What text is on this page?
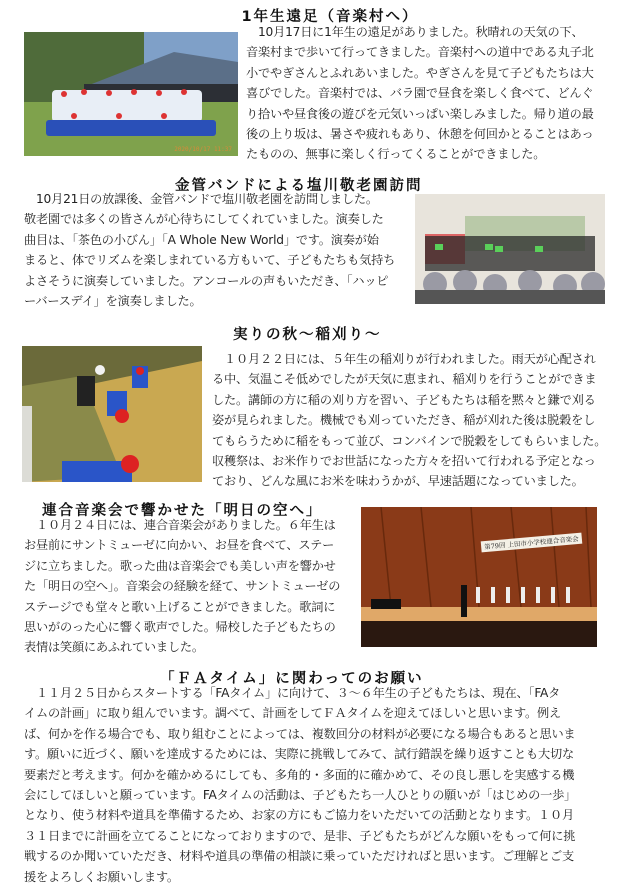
1年生遠足（音楽村へ）
2020/10/17 11:37
　10月17日に1年生の遠足がありました。秋晴れの天気の下、
音楽村まで歩いて行ってきました。音楽村への道中である丸子北
小でやぎさんとふれあいました。やぎさんを見て子どもたちは大
喜びでした。音楽村では、バラ園で昼食を楽しく食べて、どんぐ
り拾いや昼食後の遊びを元気いっぱい楽しみました。帰り道の最
後の上り坂は、暑さや疲れもあり、休憩を何回かとることはあっ
たものの、無事に楽しく行ってくることができました。
金管バンドによる塩川敬老園訪問
　10月21日の放課後、金管バンドで塩川敬老園を訪問しました。
敬老園では多くの皆さんが心待ちにしてくれていました。演奏した
曲目は、「茶色の小びん」「A Whole New World」です。演奏が始
まると、体でリズムを楽しまれている方もいて、子どもたちも気持ち
よさそうに演奏していました。アンコールの声もいただき、「ハッピ
ーバースデイ」を演奏しました。
実りの秋～稲刈り～
　１０月２２日には、５年生の稲刈りが行われました。雨天が心配され
る中、気温こそ低めでしたが天気に恵まれ、稲刈りを行うことができま
した。講師の方に稲の刈り方を習い、子どもたちは稲を黙々と鎌で刈る
姿が見られました。機械でも刈っていただき、稲が刈れた後は脱穀をし
てもらうために稲をもって並び、コンバインで脱穀をしてもらいました。
収穫祭は、お米作りでお世話になった方々を招いて行われる予定となっ
ており、どんな風にお米を味わうかが、早速話題になっていました。
連合音楽会で響かせた「明日の空へ」
　１０月２４日には、連合音楽会がありました。６年生は
お昼前にサントミューゼに向かい、お昼を食べて、ステー
ジに立ちました。歌った曲は音楽会でも美しい声を響かせ
た「明日の空へ」。音楽会の経験を経て、サントミューゼの
ステージでも堂々と歌い上げることができました。歌詞に
思いがのった心に響く歌声でした。帰校した子どもたちの
表情は笑顔にあふれていました。
第79回 上田市小学校連合音楽会
「ＦＡタイム」に関わってのお願い
　１１月２５日からスタートする「FAタイム」に向けて、３～６年生の子どもたちは、現在、「FAタ
イムの計画」に取り組んでいます。調べて、計画をしてＦＡタイムを迎えてほしいと思います。例え
ば、何かを作る場合でも、取り組むことによっては、複数回分の材料が必要になる場合もあると思いま
す。願いに近づく、願いを達成するためには、実際に挑戦してみて、試行錯誤を繰り返すことも大切な
要素だと考えます。何かを確かめるにしても、多角的・多面的に確かめて、その良し悪しを実感する機
会にしてほしいと願っています。FAタイムの活動は、子どもたち一人ひとりの願いが「はじめの一歩」
となり、使う材料や道具を準備するため、お家の方にもご協力をいただいての活動となります。１０月
３１日までに計画を立てることになっておりますので、是非、子どもたちがどんな願いをもって何に挑
戦するのか聞いていただき、材料や道具の準備の相談に乗っていただければと思います。ご理解とご支
援をよろしくお願いします。
